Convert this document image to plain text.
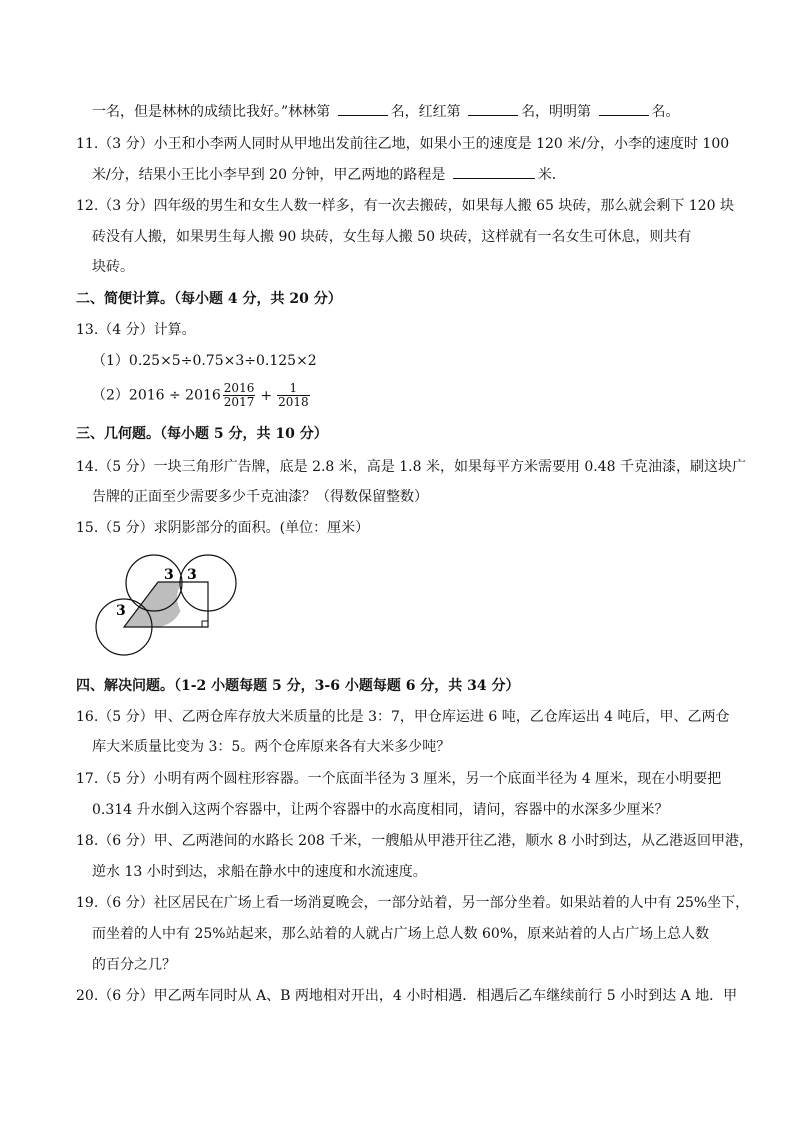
一名，但是林林的成绩比我好。”林林第	名，红红第	名，明明第	名。
11.（3 分）小王和小李两人同时从甲地出发前往乙地，如果小王的速度是 120 米/分，小李的速度时 100
米/分，结果小王比小李早到 20 分钟，甲乙两地的路程是	米．
12.（3 分）四年级的男生和女生人数一样多，有一次去搬砖，如果每人搬 65 块砖，那么就会剩下 120 块
砖没有人搬，如果男生每人搬 90 块砖，女生每人搬 50 块砖，这样就有一名女生可休息，则共有
块砖。
二、简便计算。（每小题 4 分，共 20 分）
13.（4 分）计算。
（1）0.25×5÷0.75×3÷0.125×2
$(2)2016 \div 2016 \frac{2016}{2017} + \frac{1}{2018}$
三、几何题。（每小题 5 分，共 10 分）
14.（5 分）一块三角形广告牌，底是 2.8 米，高是 1.8 米，如果每平方米需要用 0.48 千克油漆，刷这块广
告牌的正面至少需要多少千克油漆？（得数保留整数）
15.（5 分）求阴影部分的面积。(单位：厘米）
3 3
3
四、解决问题。（1-2 小题每题 5 分，3-6 小题每题 6 分，共 34 分）
16.（5 分）甲、乙两仓库存放大米质量的比是 3：7，甲仓库运进 6 吨，乙仓库运出 4 吨后，甲、乙两仓
库大米质量比变为 3：5。两个仓库原来各有大米多少吨？
17.（5 分）小明有两个圆柱形容器。一个底面半径为 3 厘米，另一个底面半径为 4 厘米，现在小明要把
0.314 升水倒入这两个容器中，让两个容器中的水高度相同，请问，容器中的水深多少厘米？
18.（6 分）甲、乙两港间的水路长 208 千米，一艘船从甲港开往乙港，顺水 8 小时到达，从乙港返回甲港，
逆水 13 小时到达，求船在静水中的速度和水流速度。
19.（6 分）社区居民在广场上看一场消夏晚会，一部分站着，另一部分坐着。如果站着的人中有 25%坐下，
而坐着的人中有 25%站起来，那么站着的人就占广场上总人数 60%，原来站着的人占广场上总人数
的百分之几？
20.（6 分）甲乙两车同时从 A、B 两地相对开出，4 小时相遇．相遇后乙车继续前行 5 小时到达 A 地．甲
